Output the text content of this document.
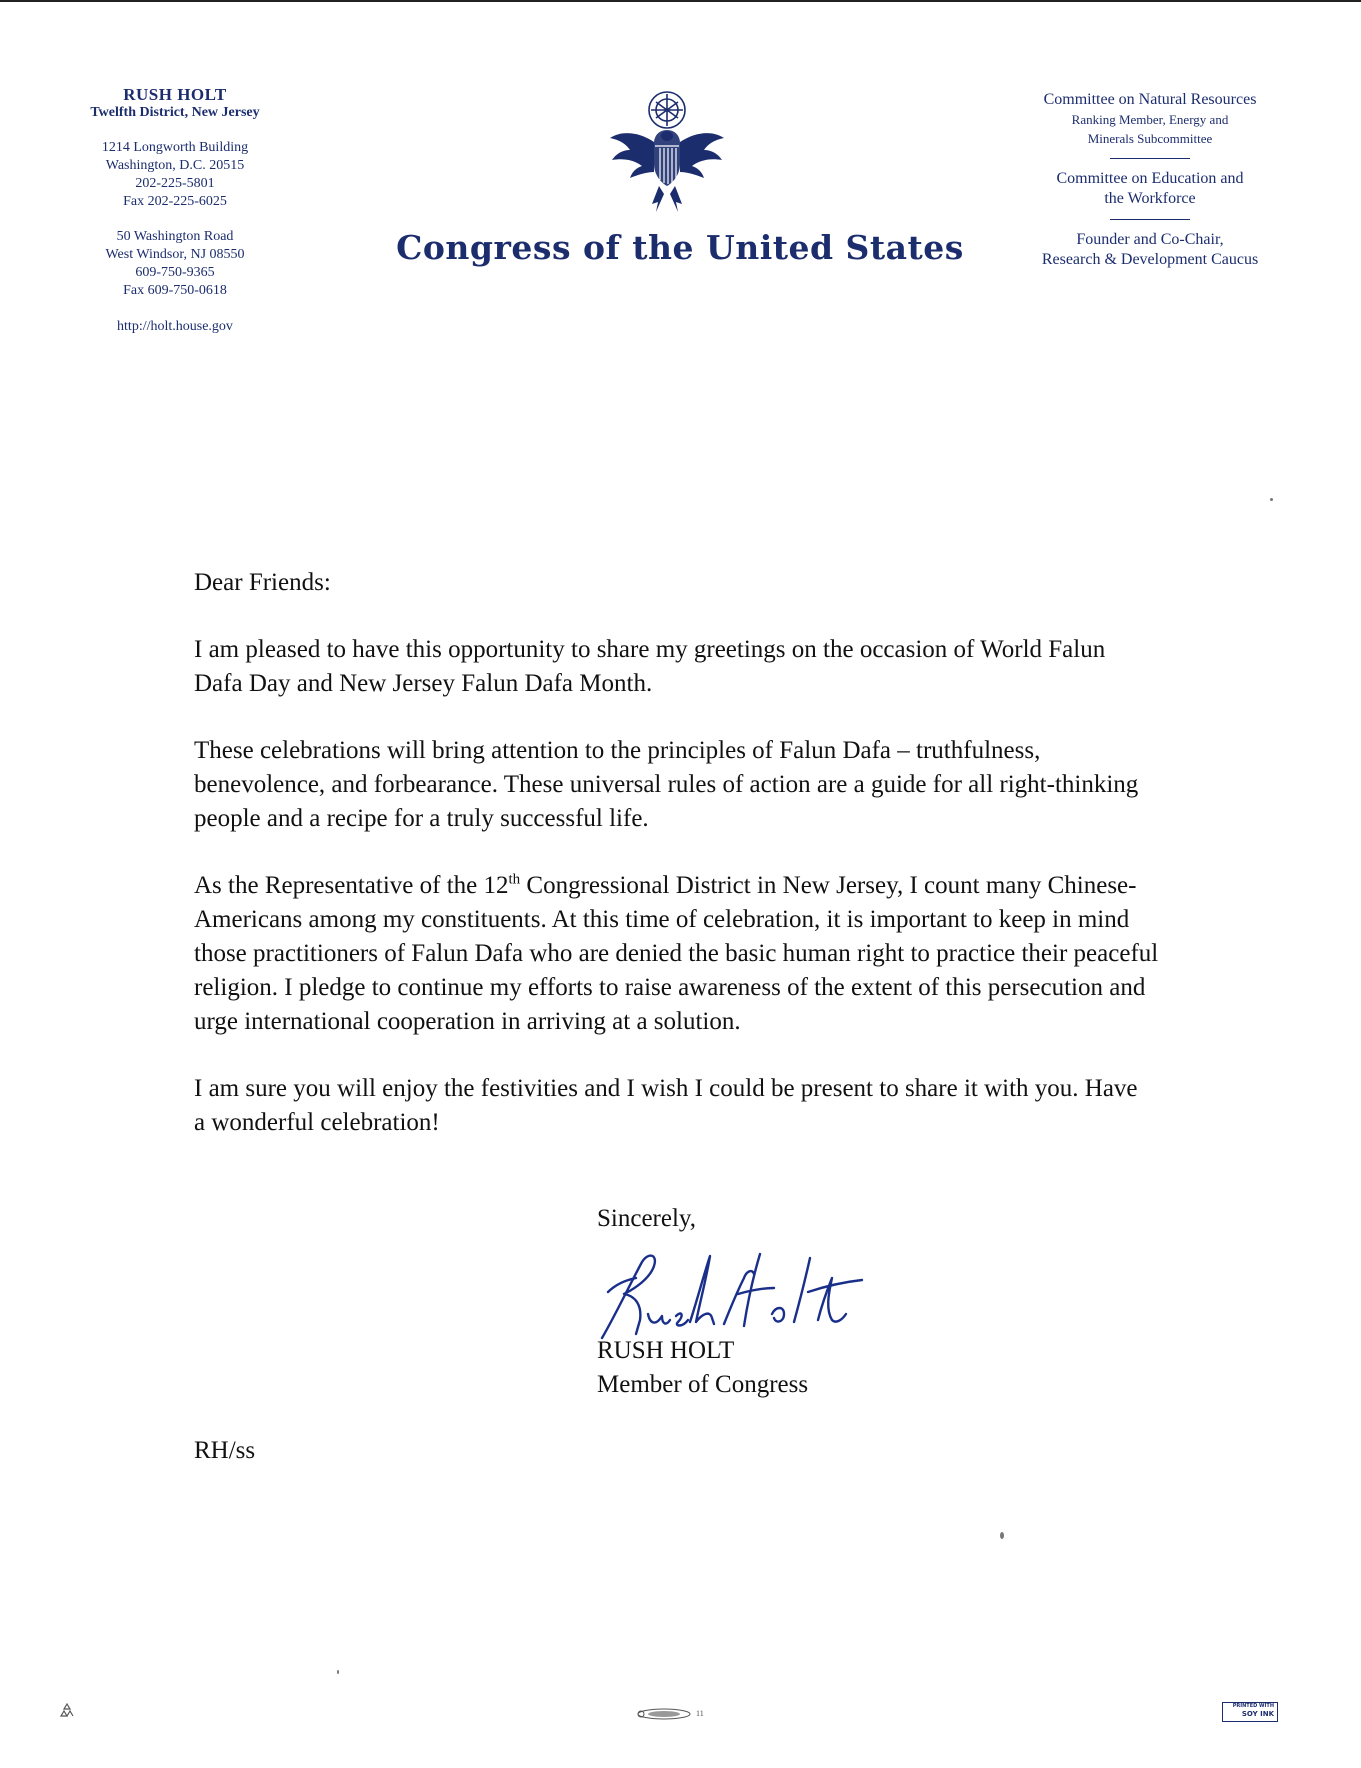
RUSH HOLT
Twelfth District, New Jersey
1214 Longworth Building
Washington, D.C. 20515
202-225-5801
Fax 202-225-6025
50 Washington Road
West Windsor, NJ 08550
609-750-9365
Fax 609-750-0618
http://holt.house.gov
Congress of the United States
Committee on Natural Resources
Ranking Member, Energy and
Minerals Subcommittee
Committee on Education and
the Workforce
Founder and Co-Chair,
Research & Development Caucus

Dear Friends:

I am pleased to have this opportunity to share my greetings on the occasion of World Falun Dafa Day and New Jersey Falun Dafa Month.

These celebrations will bring attention to the principles of Falun Dafa – truthfulness, benevolence, and forbearance. These universal rules of action are a guide for all right-thinking people and a recipe for a truly successful life.

As the Representative of the 12th Congressional District in New Jersey, I count many Chinese-Americans among my constituents. At this time of celebration, it is important to keep in mind those practitioners of Falun Dafa who are denied the basic human right to practice their peaceful religion. I pledge to continue my efforts to raise awareness of the extent of this persecution and urge international cooperation in arriving at a solution.

I am sure you will enjoy the festivities and I wish I could be present to share it with you. Have a wonderful celebration!

Sincerely,
RUSH HOLT
Member of Congress
RH/ss
11
PRINTED WITH
SOY INK
